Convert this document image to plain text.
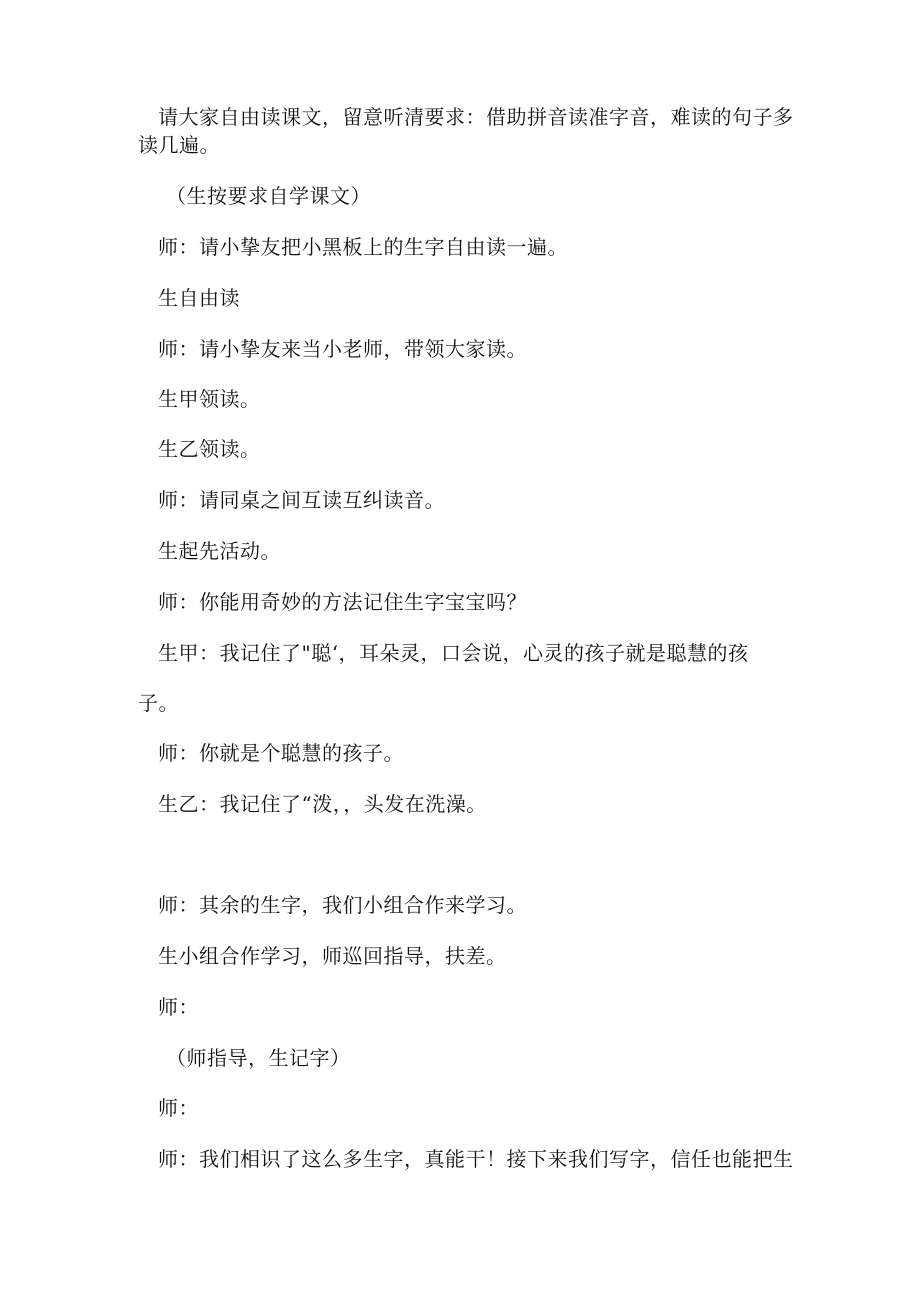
请大家自由读课文，留意听清要求：借助拼音读准字音，难读的句子多

读几遍。

（生按要求自学课文）

师：请小挚友把小黑板上的生字自由读一遍。

生自由读

师：请小挚友来当小老师，带领大家读。

生甲领读。

生乙领读。

师：请同桌之间互读互纠读音。

生起先活动。

师：你能用奇妙的方法记住生字宝宝吗？

生甲：我记住了"聪‘，耳朵灵，口会说，心灵的孩子就是聪慧的孩

子。

师：你就是个聪慧的孩子。

生乙：我记住了“泼，，头发在洗澡。

师：其余的生字，我们小组合作来学习。

生小组合作学习，师巡回指导，扶差。

师：

（师指导，生记字）

师：

师：我们相识了这么多生字，真能干！接下来我们写字，信任也能把生
